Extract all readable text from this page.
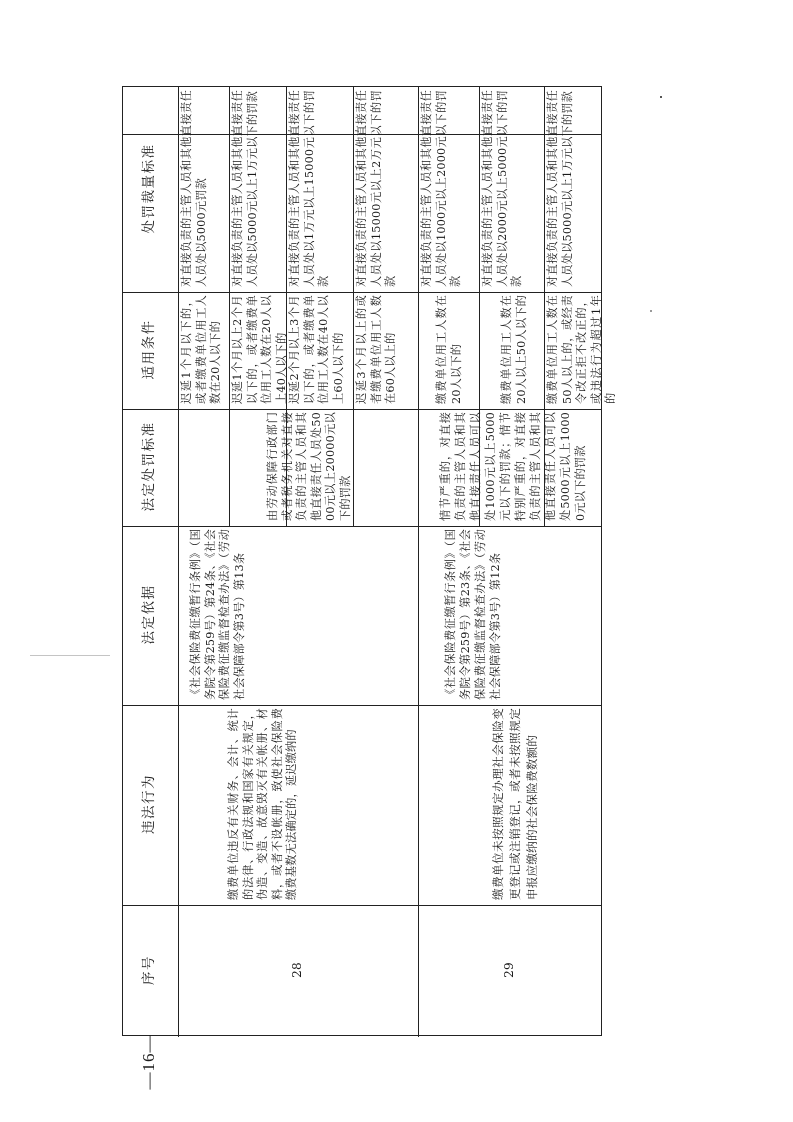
序号
违法行为
法定依据
法定处罚标准
适用条件
处罚裁量标准
28
缴费单位违反有关财务、会计、统计的法律、行政法规和国家有关规定，伪造、变造、故意毁灭有关帐册、材料，或者不设帐册，致使社会保险费缴费基数无法确定的，延迟缴纳的
《社会保险费征缴暂行条例》（国务院令第259号）第24条、《社会保险费征缴监督检查办法》（劳动社会保障部令第3号）第13条
由劳动保障行政部门或者税务机关对直接负责的主管人员和其他直接责任人员处5000元以上20000元以下的罚款
迟延1个月以下的，或者缴费单位用工人数在20人以下的
对直接负责的主管人员和其他直接责任人员处以5000元罚款
迟延1个月以上2个月以下的，或者缴费单位用工人数在20人以上40人以下的
对直接负责的主管人员和其他直接责任人员处以5000元以上1万元以下的罚款
迟延2个月以上3个月以下的，或者缴费单位用工人数在40人以上60人以下的
对直接负责的主管人员和其他直接责任人员处以1万元以上15000元以下的罚款
迟延3个月以上的或者缴费单位用工人数在60人以上的
对直接负责的主管人员和其他直接责任人员处以15000元以上2万元以下的罚款
29
缴费单位未按照规定办理社会保险变更登记或注销登记，或者未按照规定申报应缴纳的社会保险费数额的
《社会保险费征缴暂行条例》（国务院令第259号）第23条、《社会保险费征缴监督检查办法》（劳动社会保障部令第3号）第12条
情节严重的，对直接负责的主管人员和其他直接责任人员可以处1000元以上5000元以下的罚款；情节特别严重的，对直接负责的主管人员和其他直接责任人员可以处5000元以上10000元以下的罚款
缴费单位用工人数在20人以下的
对直接负责的主管人员和其他直接责任人员处以1000元以上2000元以下的罚款
缴费单位用工人数在20人以上50人以下的
对直接负责的主管人员和其他直接责任人员处以2000元以上5000元以下的罚款
缴费单位用工人数在50人以上的，或经责令改正拒不改正的，或违法行为超过1年的
对直接负责的主管人员和其他直接责任人员处以5000元以上1万元以下的罚款
—16—
